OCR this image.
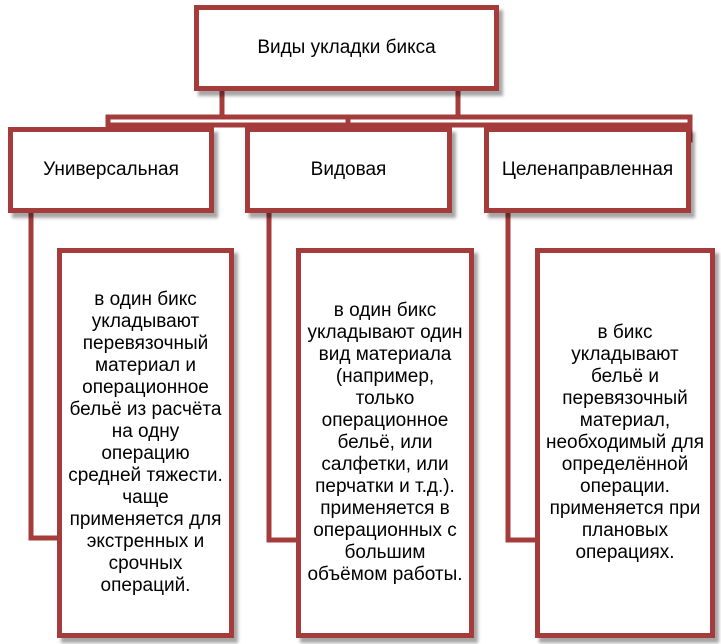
Виды укладки бикса
Универсальная	Видовая	Целенаправленная
в один бикс укладывают перевязочный материал и операционное бельё из расчёта на одну операцию средней тяжести. чаще применяется для экстренных и срочных операций.
в один бикс укладывают один вид материала (например, только операционное бельё, или салфетки, или перчатки и т.д.). применяется в операционных с большим объёмом работы.
в бикс укладывают бельё и перевязочный материал, необходимый для определённой операции. применяется при плановых операциях.
